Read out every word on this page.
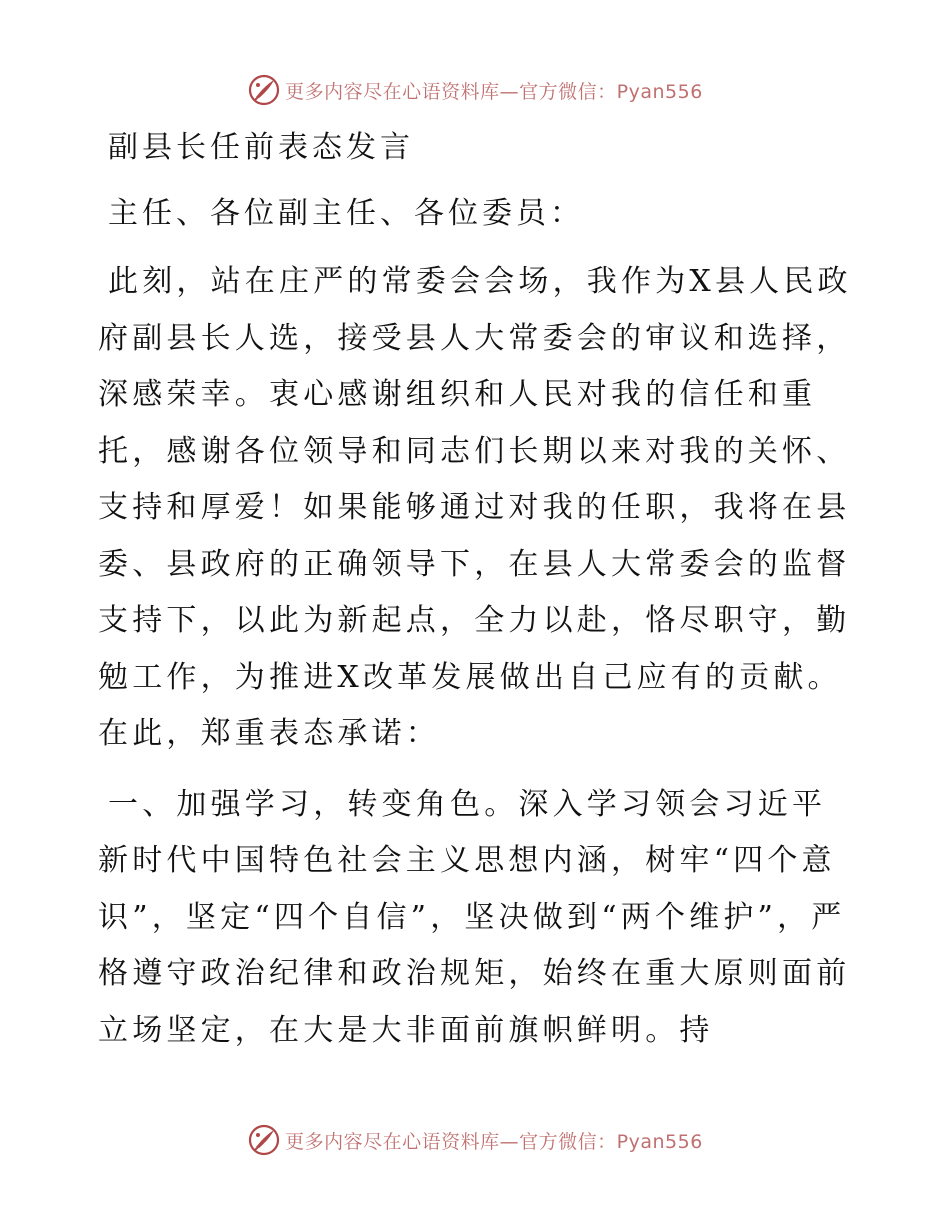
更多内容尽在心语资料库—官方微信：Pyan556
副县长任前表态发言
主任、各位副主任、各位委员：

此刻，站在庄严的常委会会场，我作为X县人民政府副县长人选，接受县人大常委会的审议和选择，深感荣幸。衷心感谢组织和人民对我的信任和重托，感谢各位领导和同志们长期以来对我的关怀、支持和厚爱！如果能够通过对我的任职，我将在县委、县政府的正确领导下，在县人大常委会的监督支持下，以此为新起点，全力以赴，恪尽职守，勤勉工作，为推进X改革发展做出自己应有的贡献。在此，郑重表态承诺：

一、加强学习，转变角色。深入学习领会习近平新时代中国特色社会主义思想内涵，树牢“四个意识”，坚定“四个自信”，坚决做到“两个维护”，严格遵守政治纪律和政治规矩，始终在重大原则面前立场坚定，在大是大非面前旗帜鲜明。持

更多内容尽在心语资料库—官方微信：Pyan556
